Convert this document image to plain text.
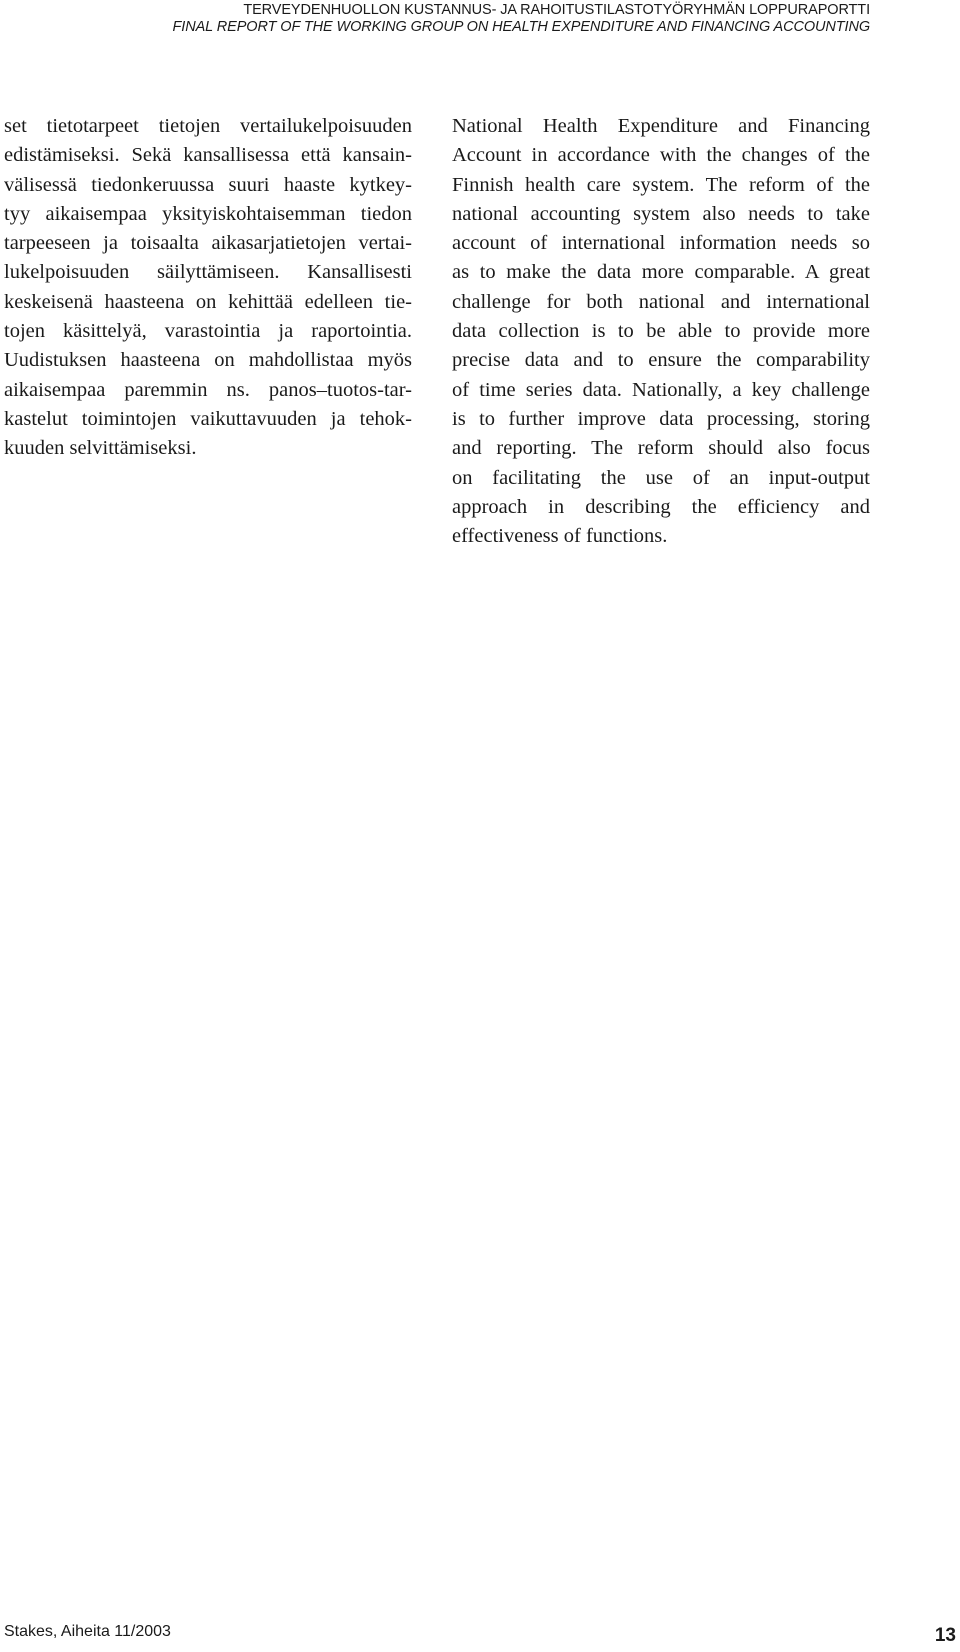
TERVEYDENHUOLLON KUSTANNUS- JA RAHOITUSTILASTOTYÖRYHMÄN LOPPURAPORTTI
FINAL REPORT OF THE WORKING GROUP ON HEALTH EXPENDITURE AND FINANCING ACCOUNTING
set tietotarpeet tietojen vertailukelpoisuuden
edistämiseksi. Sekä kansallisessa että kansain-
välisessä tiedonkeruussa suuri haaste kytkey-
tyy aikaisempaa yksityiskohtaisemman tiedon
tarpeeseen ja toisaalta aikasarjatietojen vertai-
lukelpoisuuden säilyttämiseen. Kansallisesti
keskeisenä haasteena on kehittää edelleen tie-
tojen käsittelyä, varastointia ja raportointia.
Uudistuksen haasteena on mahdollistaa myös
aikaisempaa paremmin ns. panos–tuotos-tar-
kastelut toimintojen vaikuttavuuden ja tehok-
kuuden selvittämiseksi.
National Health Expenditure and Financing
Account in accordance with the changes of the
Finnish health care system. The reform of the
national accounting system also needs to take
account of international information needs so
as to make the data more comparable. A great
challenge for both national and international
data collection is to be able to provide more
precise data and to ensure the comparability
of time series data. Nationally, a key challenge
is to further improve data processing, storing
and reporting. The reform should also focus
on facilitating the use of an input-output
approach in describing the efficiency and
effectiveness of functions.
Stakes, Aiheita 11/2003	13
